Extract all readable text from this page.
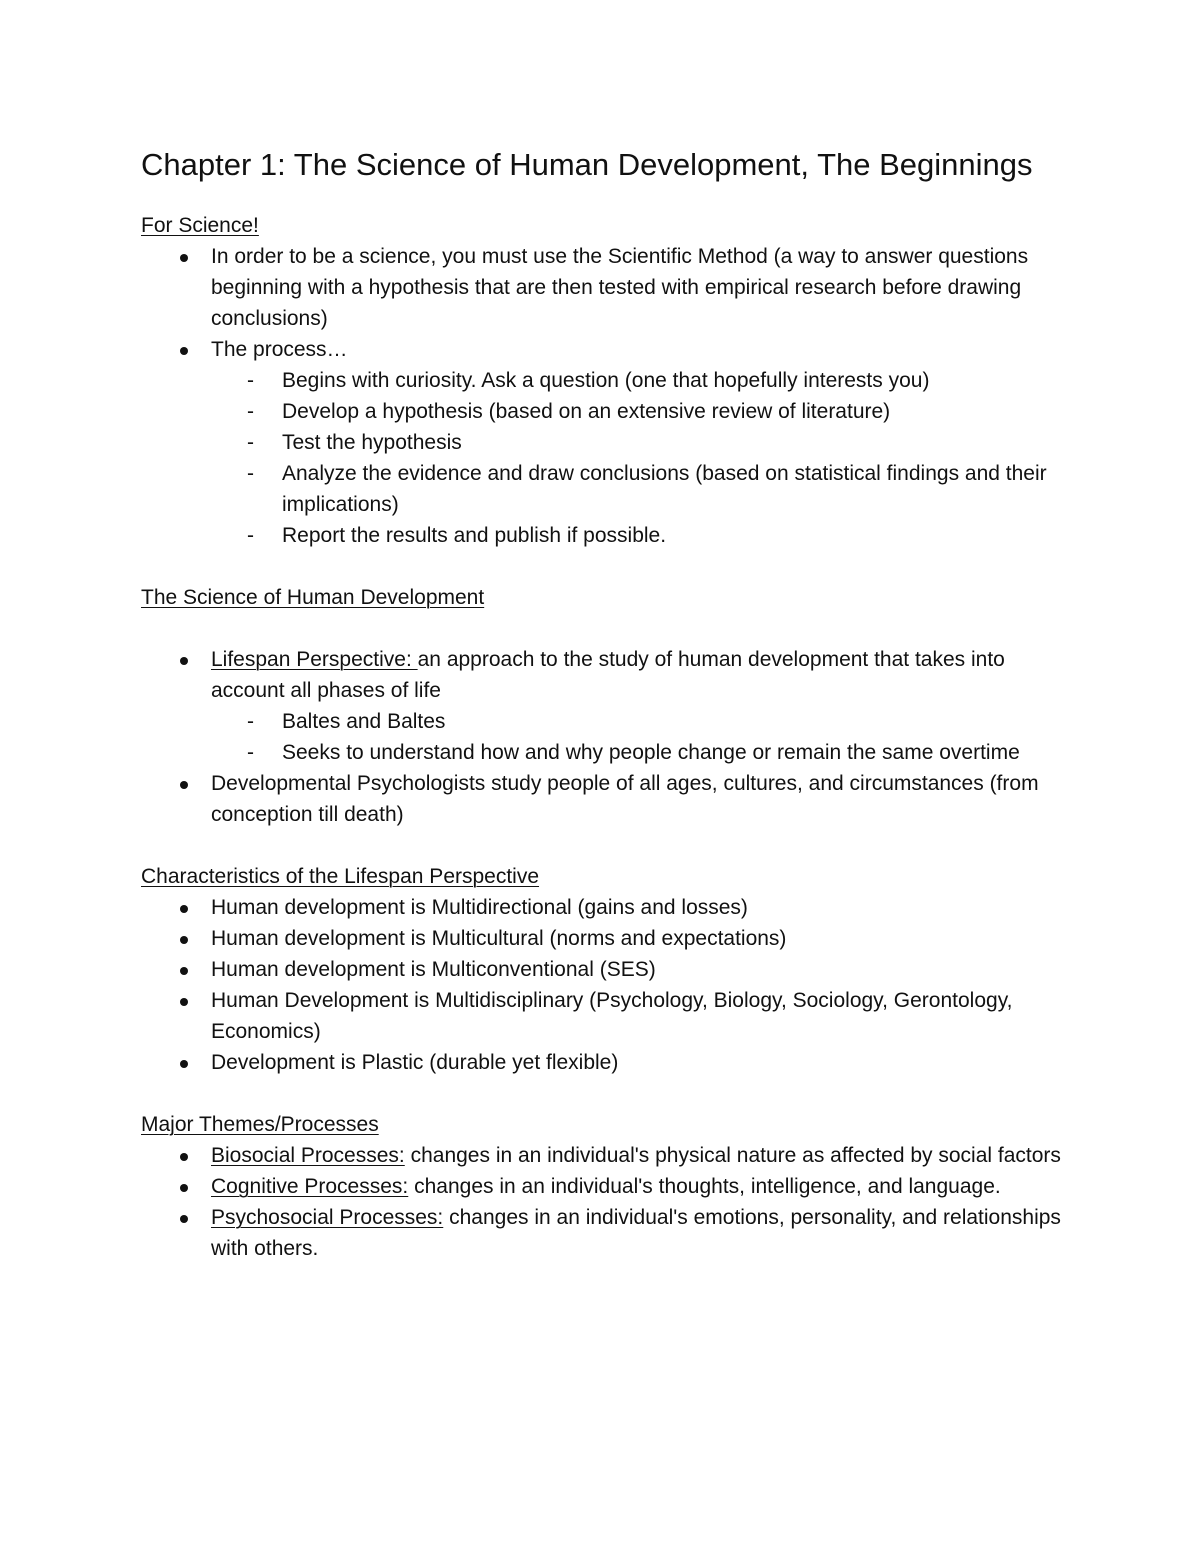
Chapter 1: The Science of Human Development, The Beginnings
For Science!
In order to be a science, you must use the Scientific Method (a way to answer questions beginning with a hypothesis that are then tested with empirical research before drawing conclusions)
The process…
- Begins with curiosity. Ask a question (one that hopefully interests you)
- Develop a hypothesis (based on an extensive review of literature)
- Test the hypothesis
- Analyze the evidence and draw conclusions (based on statistical findings and their implications)
- Report the results and publish if possible.
The Science of Human Development
Lifespan Perspective: an approach to the study of human development that takes into account all phases of life
- Baltes and Baltes
- Seeks to understand how and why people change or remain the same overtime
Developmental Psychologists study people of all ages, cultures, and circumstances (from conception till death)
Characteristics of the Lifespan Perspective
Human development is Multidirectional (gains and losses)
Human development is Multicultural (norms and expectations)
Human development is Multiconventional (SES)
Human Development is Multidisciplinary (Psychology, Biology, Sociology, Gerontology, Economics)
Development is Plastic (durable yet flexible)
Major Themes/Processes
Biosocial Processes: changes in an individual's physical nature as affected by social factors
Cognitive Processes: changes in an individual's thoughts, intelligence, and language.
Psychosocial Processes: changes in an individual's emotions, personality, and relationships with others.
